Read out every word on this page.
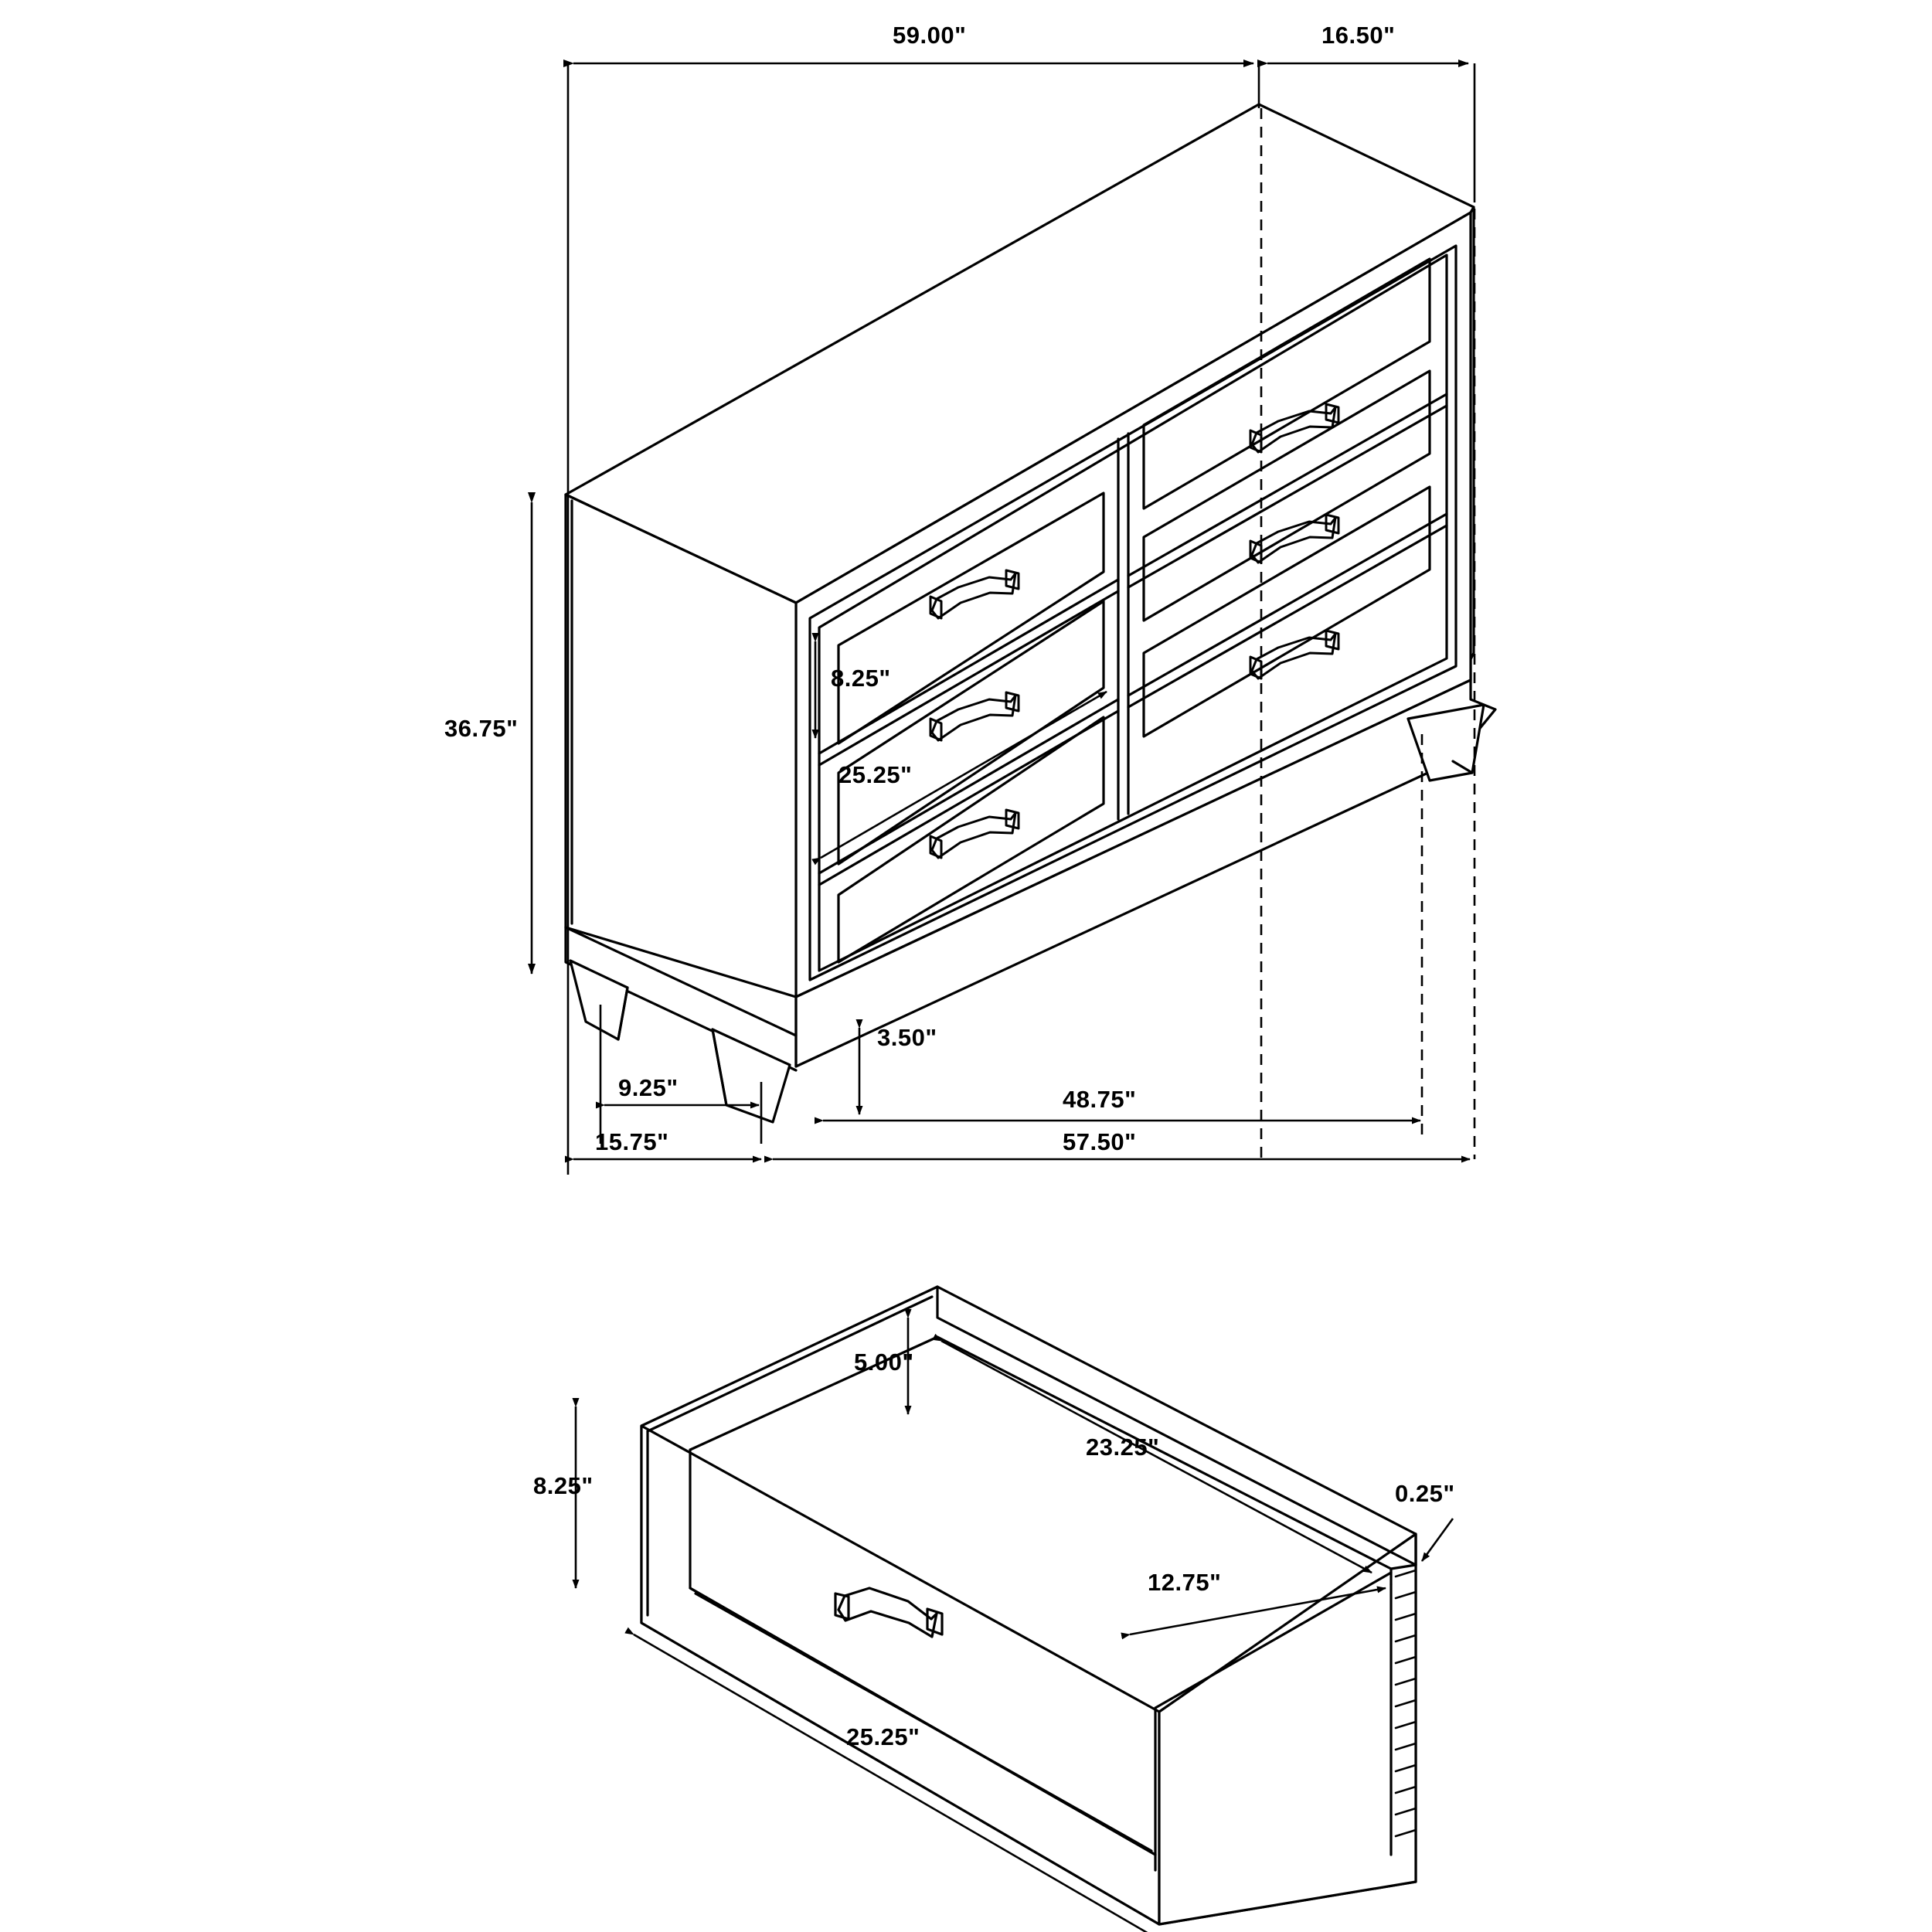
59.00"	16.50"
36.75"
8.25"
25.25"
3.50"
9.25"
15.75"
48.75"
57.50"
5.00"
23.25"
12.75"
0.25"
8.25"
25.25"
